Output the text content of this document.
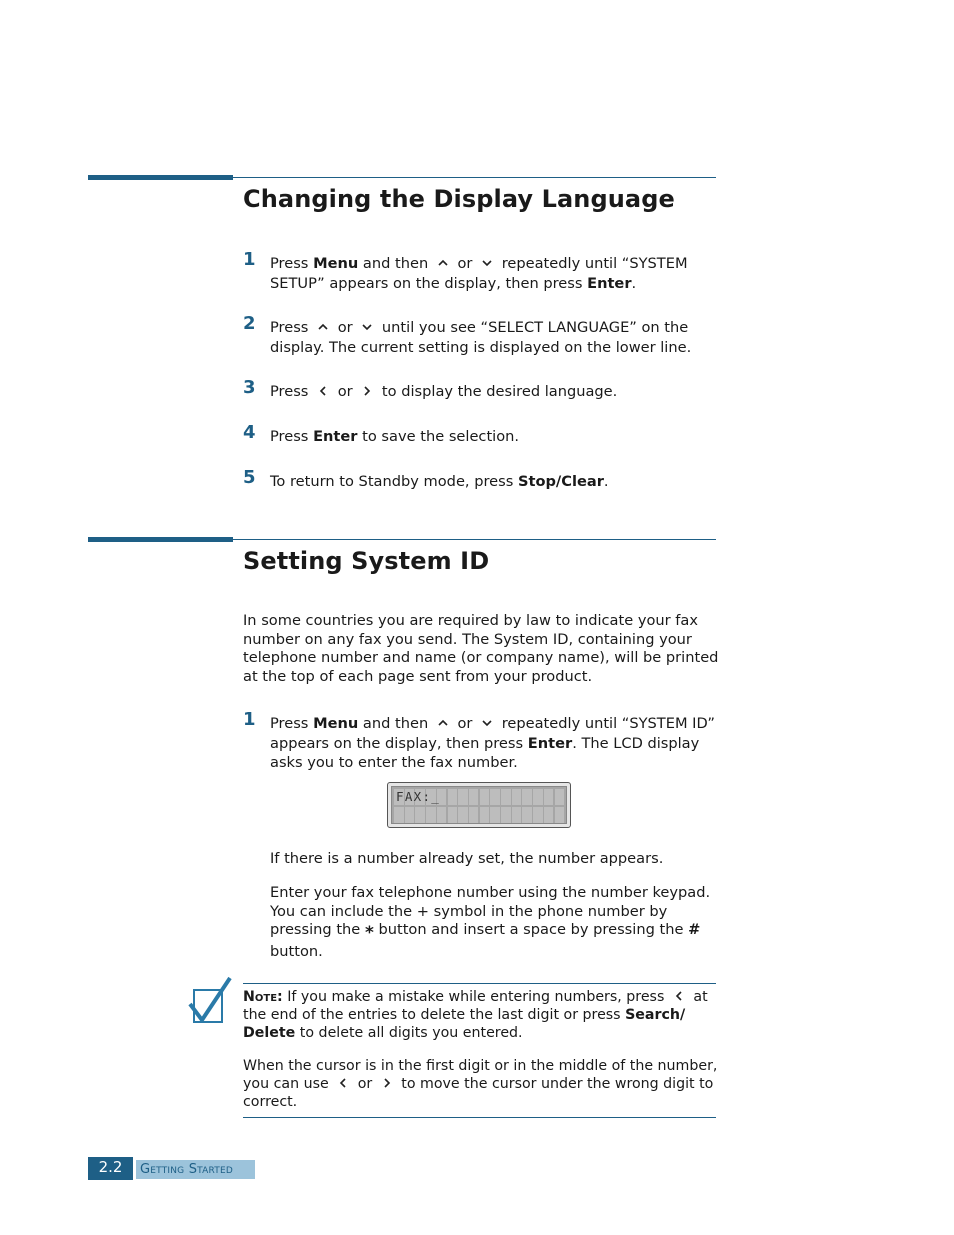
Changing the Display Language
1 Press Menu and then
or
repeatedly until “SYSTEM SETUP” appears on the display, then press Enter.
2 Press
or
until you see “SELECT LANGUAGE” on the display. The current setting is displayed on the lower line.
3 Press
or
to display the desired language.
4 Press Enter to save the selection.
5 To return to Standby mode, press Stop/Clear.
Setting System ID
In some countries you are required by law to indicate your fax number on any fax you send. The System ID, containing your telephone number and name (or company name), will be printed at the top of each page sent from your product.
1 Press Menu and then
or
repeatedly until “SYSTEM ID” appears on the display, then press Enter. The LCD display asks you to enter the fax number.
FAX:_
If there is a number already set, the number appears.
Enter your fax telephone number using the number keypad. You can include the + symbol in the phone number by pressing the * button and insert a space by pressing the # button.
Note: If you make a mistake while entering numbers, press
at the end of the entries to delete the last digit or press Search/ Delete to delete all digits you entered.
When the cursor is in the first digit or in the middle of the number, you can use
or
to move the cursor under the wrong digit to correct.
2.2	Getting Started
